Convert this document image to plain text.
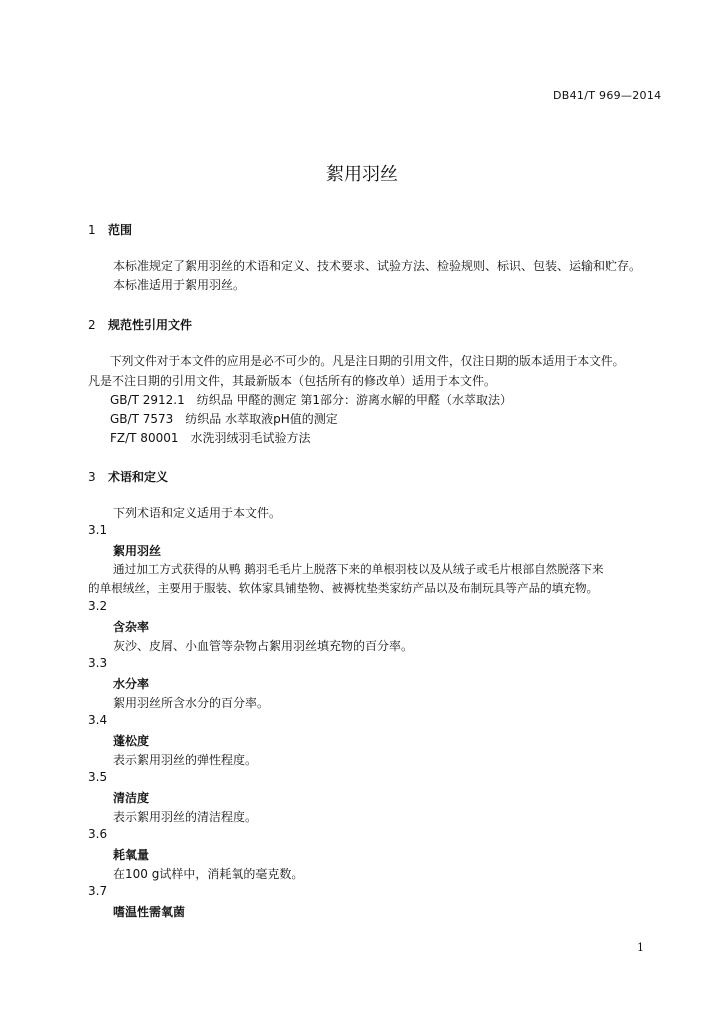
DB41/T 969—2014
絮用羽丝
1 范围
本标准规定了絮用羽丝的术语和定义、技术要求、试验方法、检验规则、标识、包装、运输和贮存。
本标准适用于絮用羽丝。
2 规范性引用文件
下列文件对于本文件的应用是必不可少的。凡是注日期的引用文件，仅注日期的版本适用于本文件。
凡是不注日期的引用文件，其最新版本（包括所有的修改单）适用于本文件。
GB/T 2912.1　纺织品 甲醛的测定 第1部分：游离水解的甲醛（水萃取法）
GB/T 7573　纺织品 水萃取液pH值的测定
FZ/T 80001　水洗羽绒羽毛试验方法
3 术语和定义
下列术语和定义适用于本文件。
3.1
絮用羽丝
通过加工方式获得的从鸭 鹅羽毛毛片上脱落下来的单根羽枝以及从绒子或毛片根部自然脱落下来
的单根绒丝，主要用于服装、软体家具铺垫物、被褥枕垫类家纺产品以及布制玩具等产品的填充物。
3.2
含杂率
灰沙、皮屑、小血管等杂物占絮用羽丝填充物的百分率。
3.3
水分率
絮用羽丝所含水分的百分率。
3.4
蓬松度
表示絮用羽丝的弹性程度。
3.5
清洁度
表示絮用羽丝的清洁程度。
3.6
耗氧量
在100 g试样中，消耗氧的毫克数。
3.7
嗜温性需氧菌
1
